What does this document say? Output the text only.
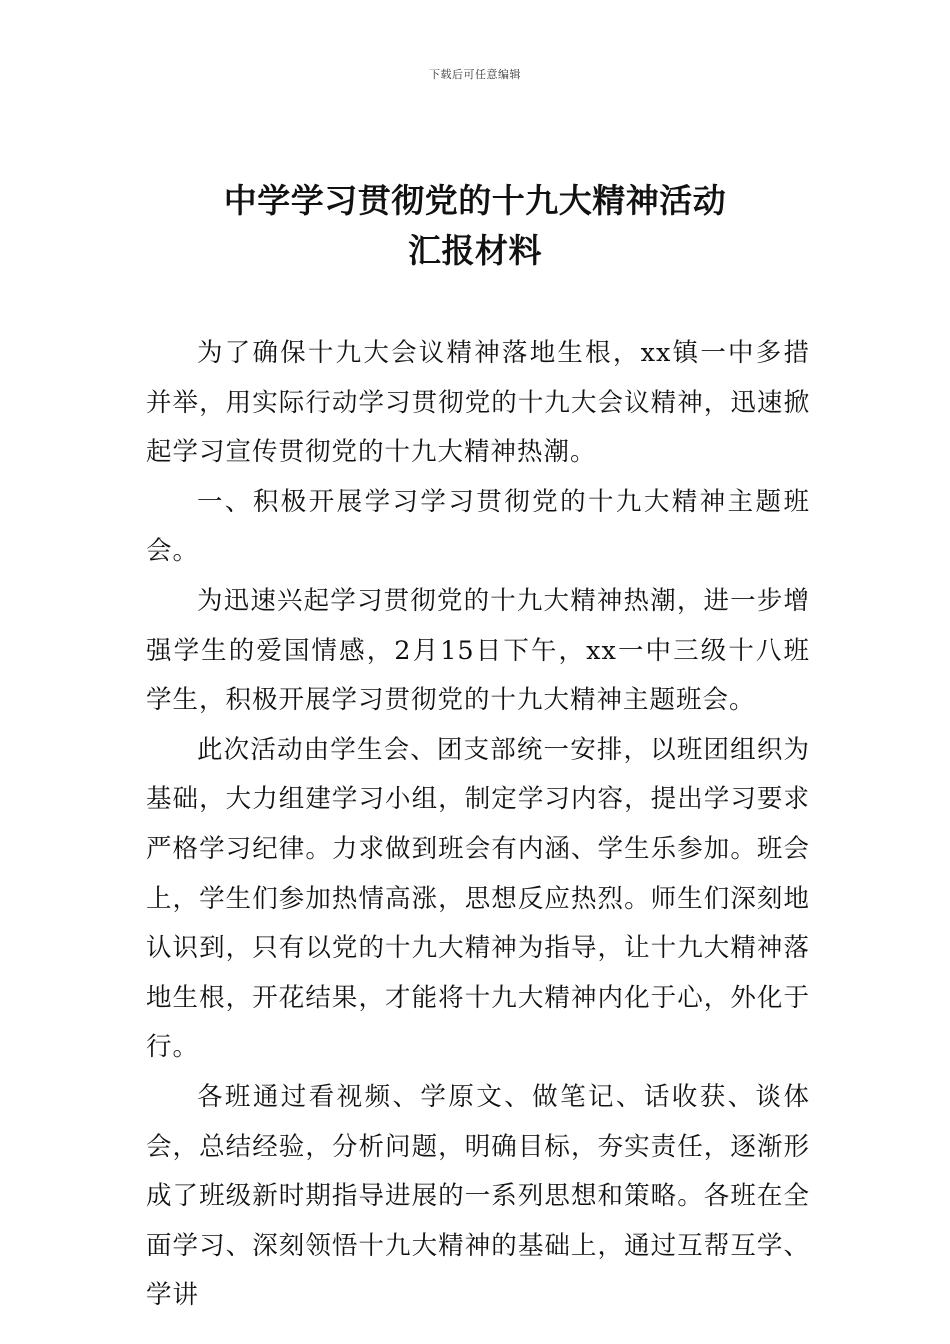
下载后可任意编辑
中学学习贯彻党的十九大精神活动
汇报材料

为了确保十九大会议精神落地生根，xx镇一中多措并举，用实际行动学习贯彻党的十九大会议精神，迅速掀起学习宣传贯彻党的十九大精神热潮。

一、积极开展学习学习贯彻党的十九大精神主题班会。

为迅速兴起学习贯彻党的十九大精神热潮，进一步增强学生的爱国情感，2月15日下午，xx一中三级十八班学生，积极开展学习贯彻党的十九大精神主题班会。

此次活动由学生会、团支部统一安排，以班团组织为基础，大力组建学习小组，制定学习内容，提出学习要求严格学习纪律。力求做到班会有内涵、学生乐参加。班会上，学生们参加热情高涨，思想反应热烈。师生们深刻地认识到，只有以党的十九大精神为指导，让十九大精神落地生根，开花结果，才能将十九大精神内化于心，外化于行。

各班通过看视频、学原文、做笔记、话收获、谈体会，总结经验，分析问题，明确目标，夯实责任，逐渐形成了班级新时期指导进展的一系列思想和策略。各班在全面学习、深刻领悟十九大精神的基础上，通过互帮互学、学讲
